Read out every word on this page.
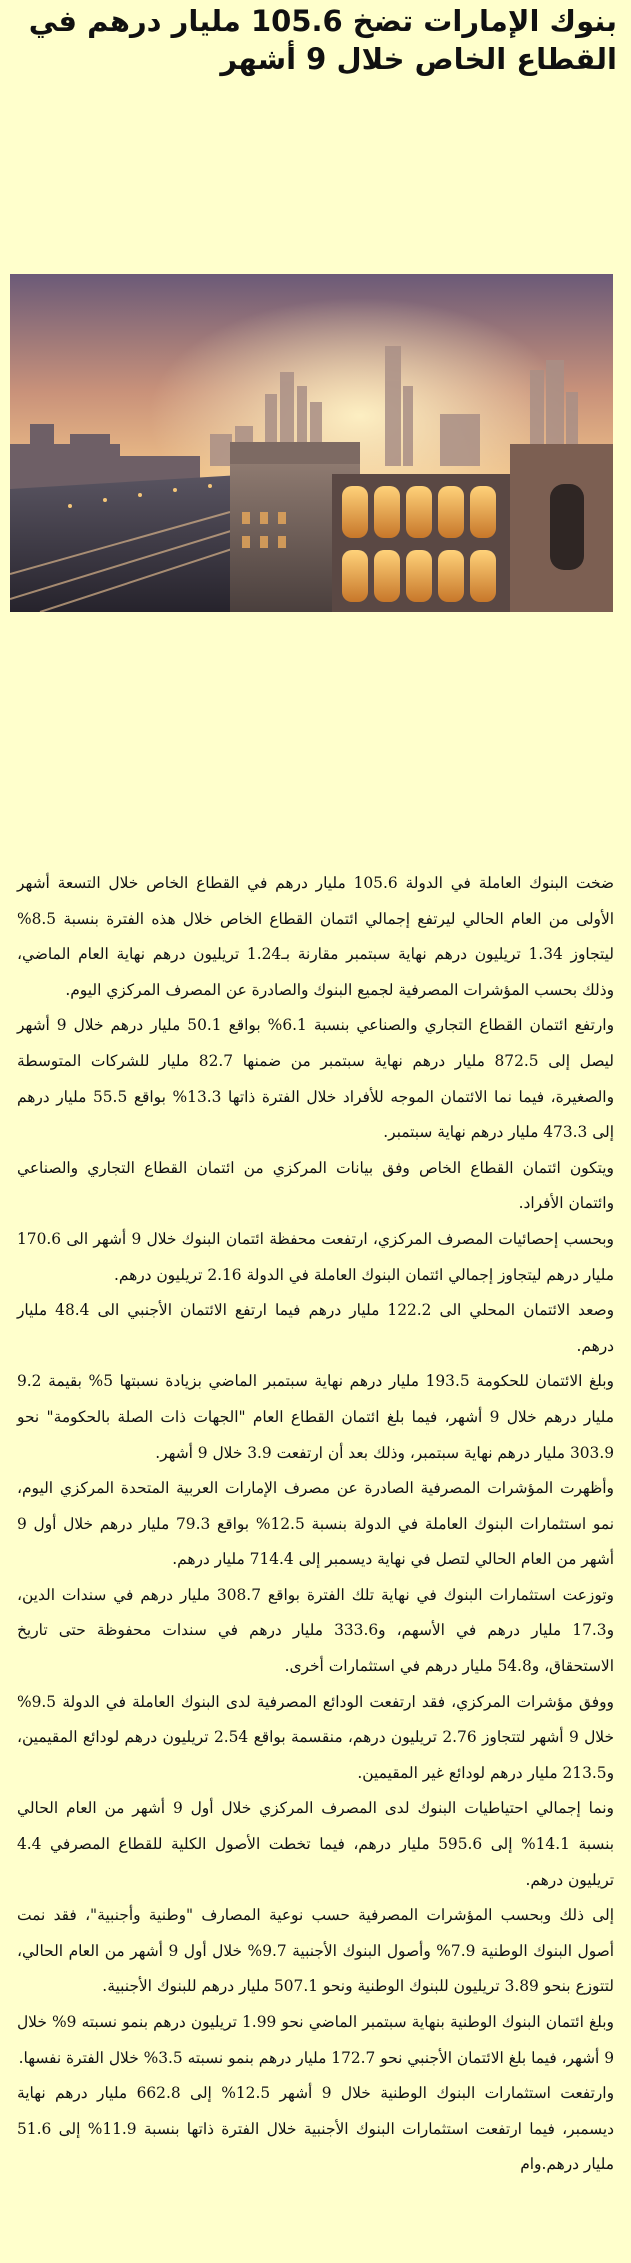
بنوك الإمارات تضخ 105.6 مليار درهم في القطاع الخاص خلال 9 أشهر

ضخت البنوك العاملة في الدولة 105.6 مليار درهم في القطاع الخاص خلال التسعة أشهر الأولى من العام الحالي ليرتفع إجمالي ائتمان القطاع الخاص خلال هذه الفترة بنسبة 8.5% ليتجاوز 1.34 تريليون درهم نهاية سبتمبر مقارنة بـ1.24 تريليون درهم نهاية العام الماضي، وذلك بحسب المؤشرات المصرفية لجميع البنوك والصادرة عن المصرف المركزي اليوم.

وارتفع ائتمان القطاع التجاري والصناعي بنسبة 6.1% بواقع 50.1 مليار درهم خلال 9 أشهر ليصل إلى 872.5 مليار درهم نهاية سبتمبر من ضمنها 82.7 مليار للشركات المتوسطة والصغيرة، فيما نما الائتمان الموجه للأفراد خلال الفترة ذاتها 13.3% بواقع 55.5 مليار درهم إلى 473.3 مليار درهم نهاية سبتمبر.

ويتكون ائتمان القطاع الخاص وفق بيانات المركزي من ائتمان القطاع التجاري والصناعي وائتمان الأفراد.

وبحسب إحصائيات المصرف المركزي، ارتفعت محفظة ائتمان البنوك خلال 9 أشهر الى 170.6 مليار درهم ليتجاوز إجمالي ائتمان البنوك العاملة في الدولة 2.16 تريليون درهم.

وصعد الائتمان المحلي الى 122.2 مليار درهم فيما ارتفع الائتمان الأجنبي الى 48.4 مليار درهم.

وبلغ الائتمان للحكومة 193.5 مليار درهم نهاية سبتمبر الماضي بزيادة نسبتها 5% بقيمة 9.2 مليار درهم خلال 9 أشهر، فيما بلغ ائتمان القطاع العام "الجهات ذات الصلة بالحكومة" نحو 303.9 مليار درهم نهاية سبتمبر، وذلك بعد أن ارتفعت 3.9 خلال 9 أشهر.

وأظهرت المؤشرات المصرفية الصادرة عن مصرف الإمارات العربية المتحدة المركزي اليوم، نمو استثمارات البنوك العاملة في الدولة بنسبة 12.5% بواقع 79.3 مليار درهم خلال أول 9 أشهر من العام الحالي لتصل في نهاية ديسمبر إلى 714.4 مليار درهم.

وتوزعت استثمارات البنوك في نهاية تلك الفترة بواقع 308.7 مليار درهم في سندات الدين، و17.3 مليار درهم في الأسهم، و333.6 مليار درهم في سندات محفوظة حتى تاريخ الاستحقاق، و54.8 مليار درهم في استثمارات أخرى.

ووفق مؤشرات المركزي، فقد ارتفعت الودائع المصرفية لدى البنوك العاملة في الدولة 9.5% خلال 9 أشهر لتتجاوز 2.76 تريليون درهم، منقسمة بواقع 2.54 تريليون درهم لودائع المقيمين، و213.5 مليار درهم لودائع غير المقيمين.

ونما إجمالي احتياطيات البنوك لدى المصرف المركزي خلال أول 9 أشهر من العام الحالي بنسبة 14.1% إلى 595.6 مليار درهم، فيما تخطت الأصول الكلية للقطاع المصرفي 4.4 تريليون درهم.

إلى ذلك وبحسب المؤشرات المصرفية حسب نوعية المصارف "وطنية وأجنبية"، فقد نمت أصول البنوك الوطنية 7.9% وأصول البنوك الأجنبية 9.7% خلال أول 9 أشهر من العام الحالي، لتتوزع بنحو 3.89 تريليون للبنوك الوطنية ونحو 507.1 مليار درهم للبنوك الأجنبية.

وبلغ ائتمان البنوك الوطنية بنهاية سبتمبر الماضي نحو 1.99 تريليون درهم بنمو نسبته 9% خلال 9 أشهر، فيما بلغ الائتمان الأجنبي نحو 172.7 مليار درهم بنمو نسبته 3.5% خلال الفترة نفسها.

وارتفعت استثمارات البنوك الوطنية خلال 9 أشهر 12.5% إلى 662.8 مليار درهم نهاية ديسمبر، فيما ارتفعت استثمارات البنوك الأجنبية خلال الفترة ذاتها بنسبة 11.9% إلى 51.6 مليار درهم.وام
